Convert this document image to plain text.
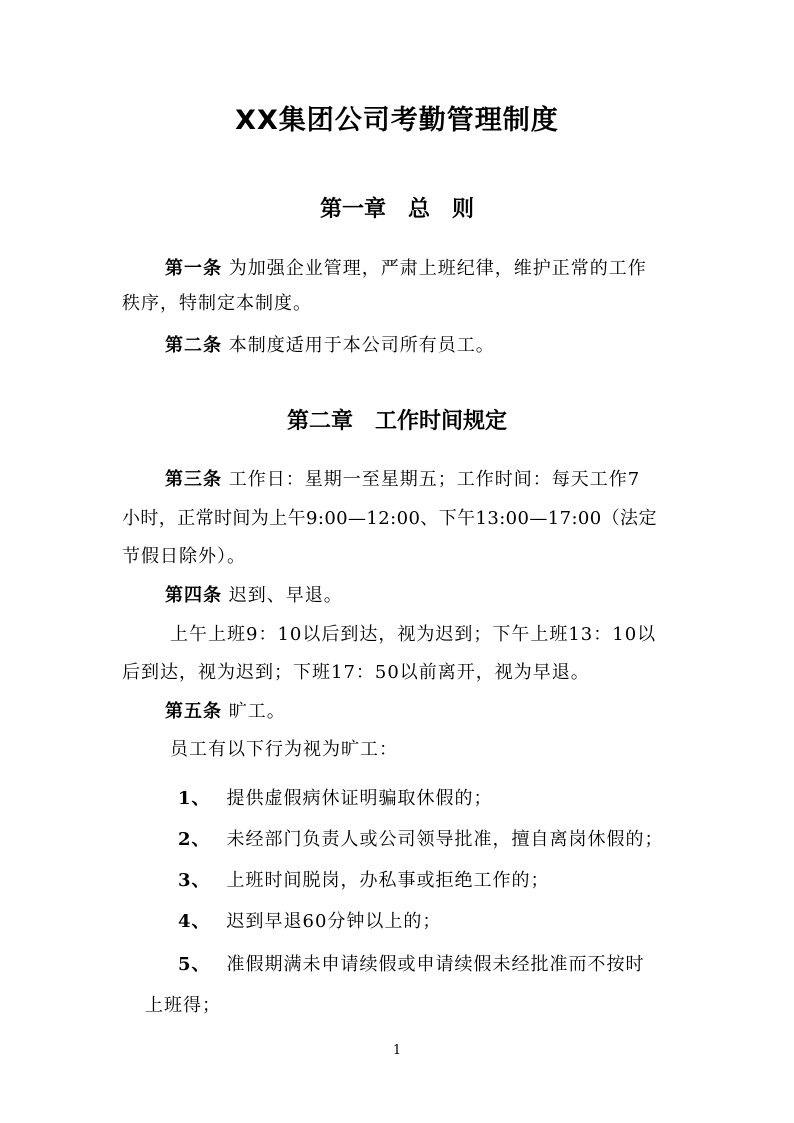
XX集团公司考勤管理制度
第一章　总　则
第一条 为加强企业管理，严肃上班纪律，维护正常的工作
秩序，特制定本制度。
第二条 本制度适用于本公司所有员工。
第二章　工作时间规定
第三条 工作日：星期一至星期五；工作时间：每天工作7
小时，正常时间为上午9:00—12:00、下午13:00—17:00（法定
节假日除外）。
第四条 迟到、早退。
上午上班9：10以后到达，视为迟到；下午上班13：10以
后到达，视为迟到；下班17：50以前离开，视为早退。
第五条 旷工。
员工有以下行为视为旷工：
1、 提供虚假病休证明骗取休假的；
2、 未经部门负责人或公司领导批准，擅自离岗休假的；
3、 上班时间脱岗，办私事或拒绝工作的；
4、 迟到早退60分钟以上的；
5、 准假期满未申请续假或申请续假未经批准而不按时
上班得；
1
